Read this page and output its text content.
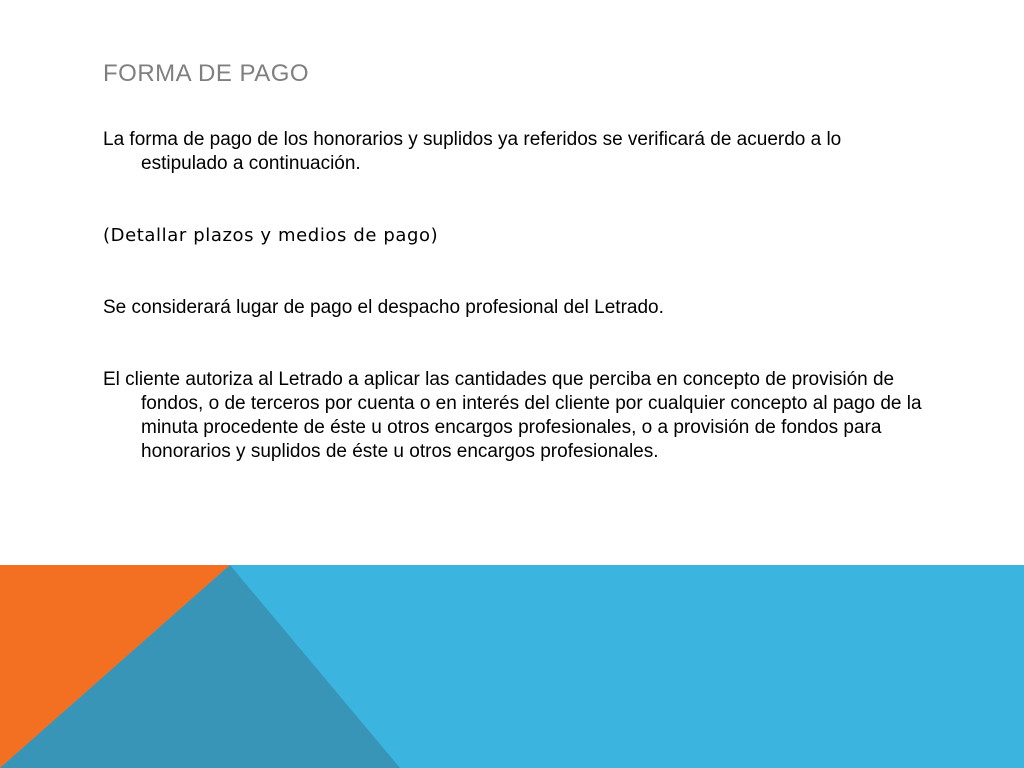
FORMA DE PAGO

La forma de pago de los honorarios y suplidos ya referidos se verificará de acuerdo a lo estipulado a continuación.

(Detallar plazos y medios de pago)

Se considerará lugar de pago el despacho profesional del Letrado.

El cliente autoriza al Letrado a aplicar las cantidades que perciba en concepto de provisión de fondos, o de terceros por cuenta o en interés del cliente por cualquier concepto al pago de la minuta procedente de éste u otros encargos profesionales, o a provisión de fondos para honorarios y suplidos de éste u otros encargos profesionales.
